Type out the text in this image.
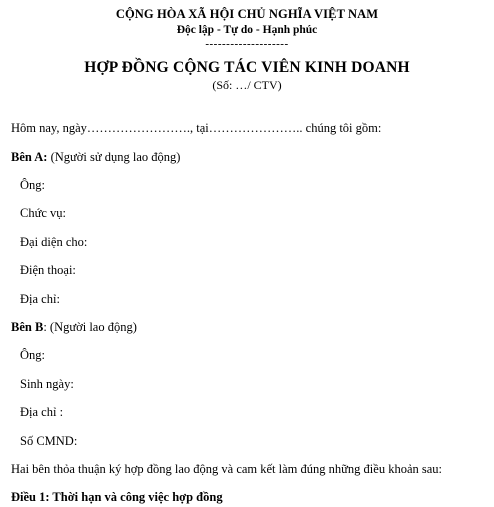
CỘNG HÒA XÃ HỘI CHỦ NGHĨA VIỆT NAM
Độc lập - Tự do - Hạnh phúc
--------------------
HỢP ĐỒNG CỘNG TÁC VIÊN KINH DOANH
(Số: …/ CTV)
Hôm nay, ngày……………………., tại………………….. chúng tôi gồm:
Bên A: (Người sử dụng lao động)
Ông:
Chức vụ:
Đại diện cho:
Điện thoại:
Địa chỉ:
Bên B: (Người lao động)
Ông:
Sinh ngày:
Địa chỉ :
Số CMND:
Hai bên thỏa thuận ký hợp đồng lao động và cam kết làm đúng những điều khoản sau:
Điều 1: Thời hạn và công việc hợp đồng
